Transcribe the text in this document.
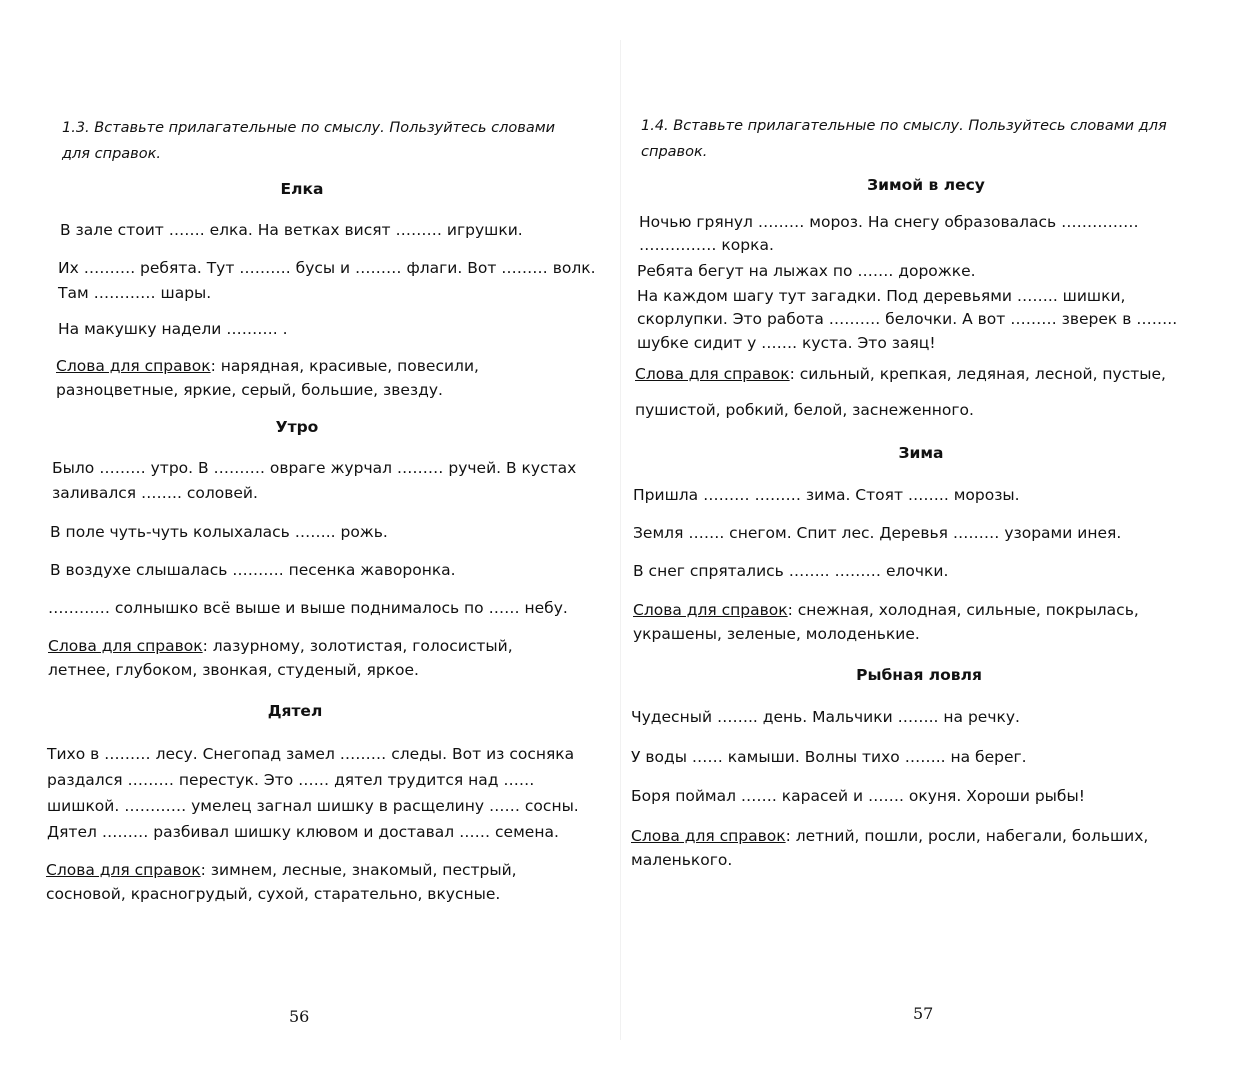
1.3. Вставьте прилагательные по смыслу. Пользуйтесь словами для справок.

Елка

В зале стоит ……. елка. На ветках висят ……… игрушки.

Их ………. ребята. Тут ………. бусы и ……… флаги. Вот ……… волк.

Там ………… шары.

На макушку надели ………. .

Слова для справок: нарядная, красивые, повесили, разноцветные, яркие, серый, большие, звезду.

Утро

Было ……… утро. В ………. овраге журчал ……… ручей. В кустах

заливался …….. соловей.

В поле чуть-чуть колыхалась …….. рожь.

В воздухе слышалась ………. песенка жаворонка.

………… солнышко всё выше и выше поднималось по …… небу.

Слова для справок: лазурному, золотистая, голосистый, летнее, глубоком, звонкая, студеный, яркое.

Дятел

Тихо в ……… лесу. Снегопад замел ……… следы. Вот из сосняка

раздался ……… перестук. Это …… дятел трудится над ……

шишкой. ………… умелец загнал шишку в расщелину …… сосны.

Дятел ……… разбивал шишку клювом и доставал …… семена.

Слова для справок: зимнем, лесные, знакомый, пестрый, сосновой, красногрудый, сухой, старательно, вкусные.

56

1.4. Вставьте прилагательные по смыслу. Пользуйтесь словами для справок.

Зимой в лесу

Ночью грянул ……… мороз. На снегу образовалась ……………

…………… корка.

Ребята бегут на лыжах по ……. дорожке.

На каждом шагу тут загадки. Под деревьями …….. шишки,

скорлупки. Это работа ………. белочки. А вот ……… зверек в ……..

шубке сидит у ……. куста. Это заяц!

Слова для справок: сильный, крепкая, ледяная, лесной, пустые, пушистой, робкий, белой, заснеженного.

Зима

Пришла ……… ……… зима. Стоят …….. морозы.

Земля ……. снегом. Спит лес. Деревья ……… узорами инея.

В снег спрятались …….. ……… елочки.

Слова для справок: снежная, холодная, сильные, покрылась, украшены, зеленые, молоденькие.

Рыбная ловля

Чудесный …….. день. Мальчики …….. на речку.

У воды …… камыши. Волны тихо …….. на берег.

Боря поймал ……. карасей и ……. окуня. Хороши рыбы!

Слова для справок: летний, пошли, росли, набегали, больших, маленького.

57
